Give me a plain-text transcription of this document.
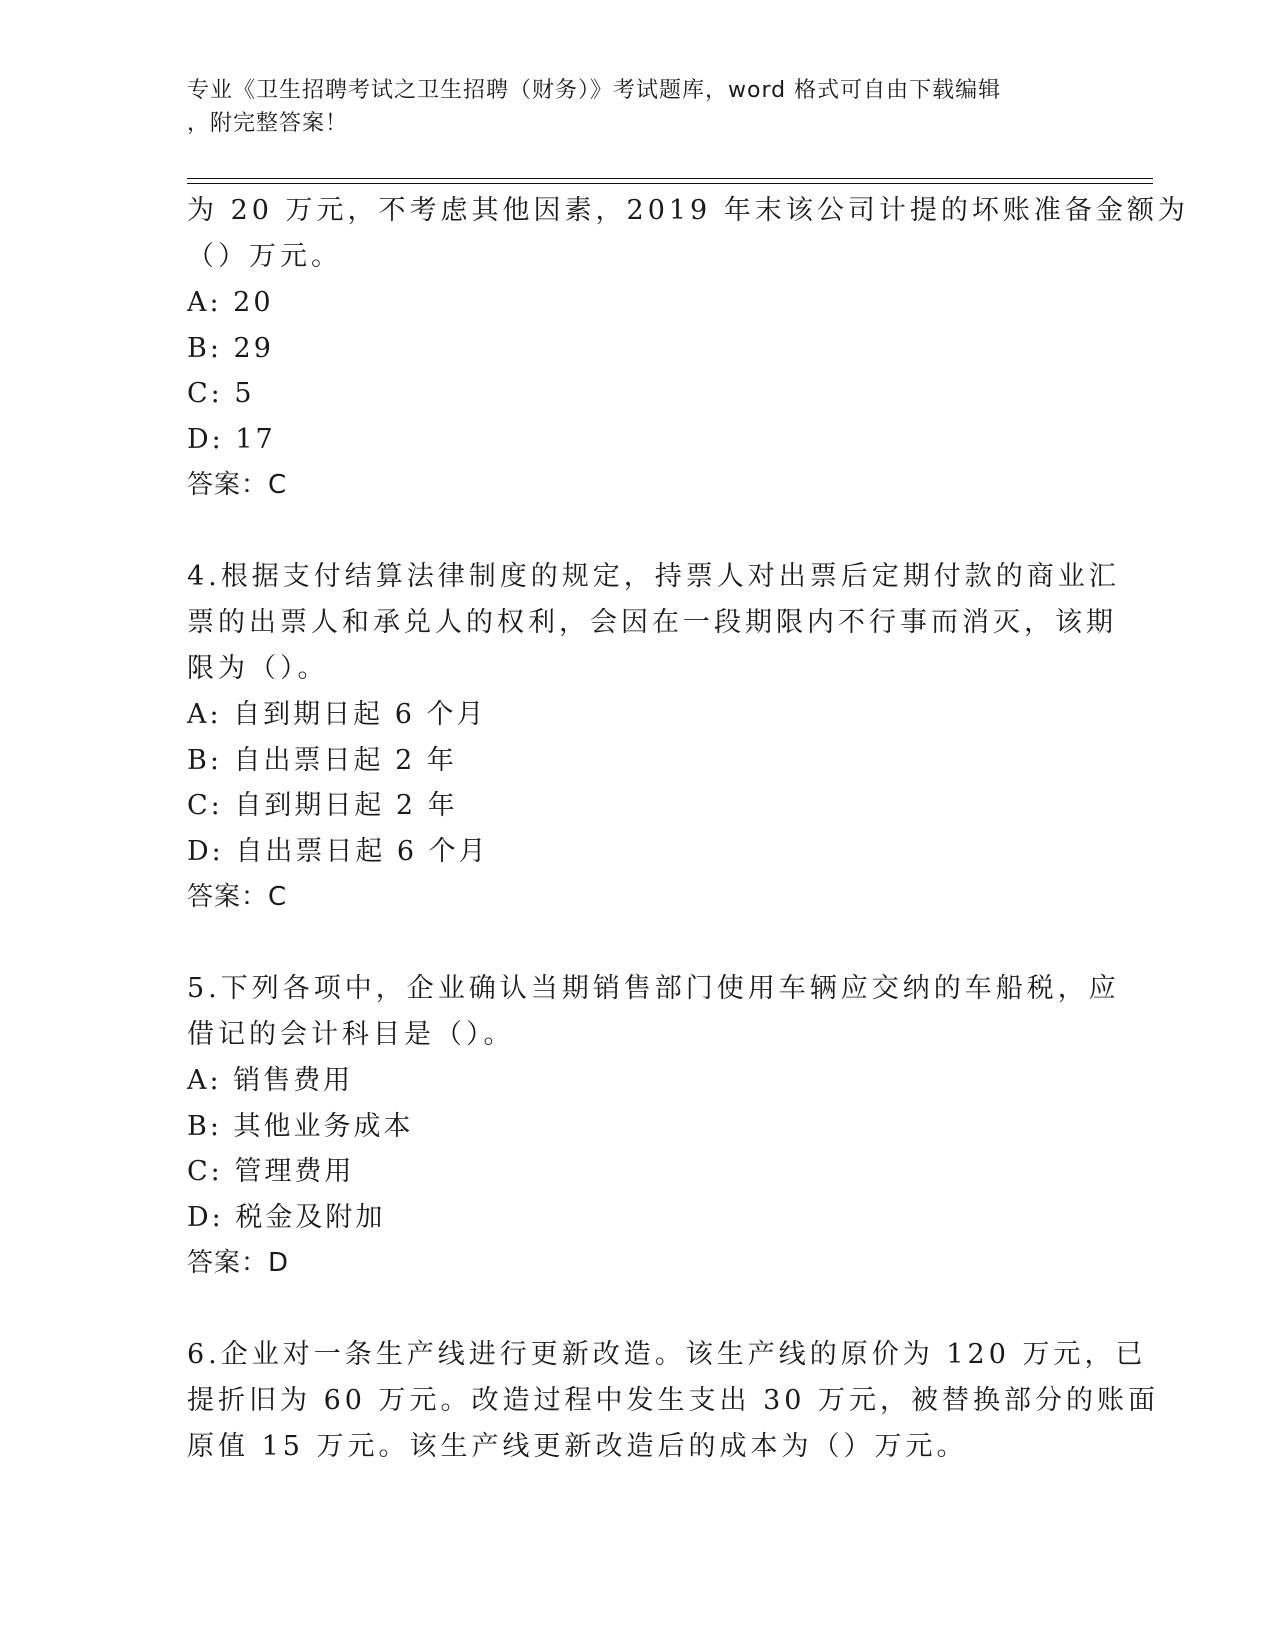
专业《卫生招聘考试之卫生招聘（财务）》考试题库，word 格式可自由下载编辑
，附完整答案！
为 20 万元，不考虑其他因素，2019 年末该公司计提的坏账准备金额为
（）万元。
A: 20
B: 29
C: 5
D: 17
答案：C
4.根据支付结算法律制度的规定，持票人对出票后定期付款的商业汇
票的出票人和承兑人的权利，会因在一段期限内不行事而消灭，该期
限为（）。
A: 自到期日起 6 个月
B: 自出票日起 2 年
C: 自到期日起 2 年
D: 自出票日起 6 个月
答案：C
5.下列各项中，企业确认当期销售部门使用车辆应交纳的车船税，应
借记的会计科目是（）。
A: 销售费用
B: 其他业务成本
C: 管理费用
D: 税金及附加
答案：D
6.企业对一条生产线进行更新改造。该生产线的原价为 120 万元，已
提折旧为 60 万元。改造过程中发生支出 30 万元，被替换部分的账面
原值 15 万元。该生产线更新改造后的成本为（）万元。
